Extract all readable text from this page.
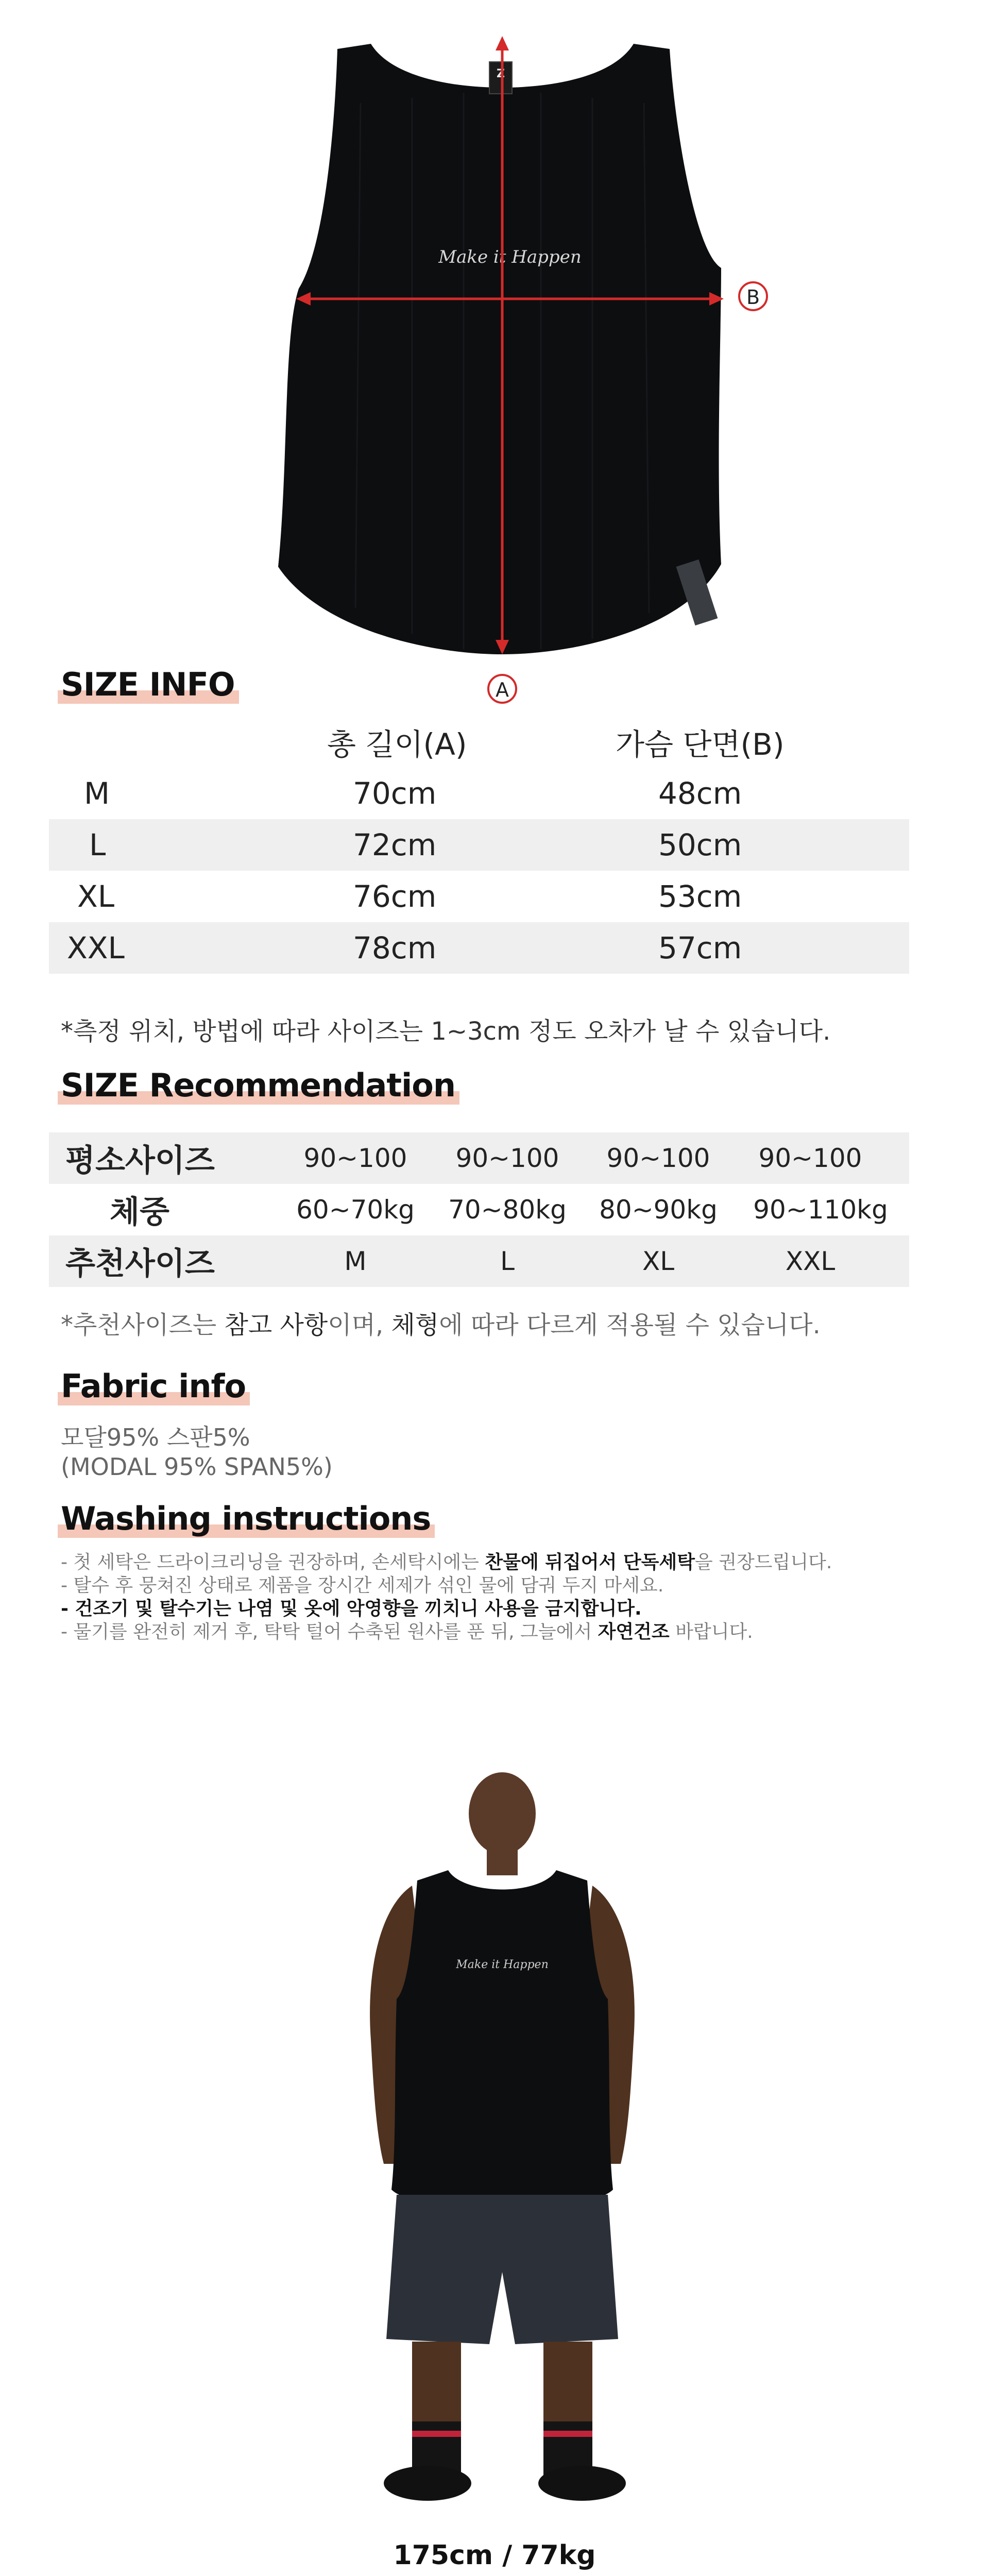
Z
Make it Happen
B
A
SIZE INFO
총 길이(A)	가슴 단면(B)
M	70cm	48cm
L	72cm	50cm
XL	76cm	53cm
XXL	78cm	57cm
*측정 위치, 방법에 따라 사이즈는 1~3cm 정도 오차가 날 수 있습니다.
SIZE Recommendation
평소사이즈	90~100 90~100 90~100 90~100
체중	60~70kg 70~80kg 80~90kg 90~110kg
추천사이즈	M	L	XL	XXL
*추천사이즈는 참고 사항이며, 체형에 따라 다르게 적용될 수 있습니다.
Fabric info
모달95% 스판5%
(MODAL 95% SPAN5%)
Washing instructions
- 첫 세탁은 드라이크리닝을 권장하며, 손세탁시에는 찬물에 뒤집어서 단독세탁을 권장드립니다.
- 탈수 후 뭉쳐진 상태로 제품을 장시간 세제가 섞인 물에 담궈 두지 마세요.
- 건조기 및 탈수기는 나염 및 옷에 악영향을 끼치니 사용을 금지합니다.
- 물기를 완전히 제거 후, 탁탁 털어 수축된 원사를 푼 뒤, 그늘에서 자연건조 바랍니다.
Make it Happen
175cm / 77kg
